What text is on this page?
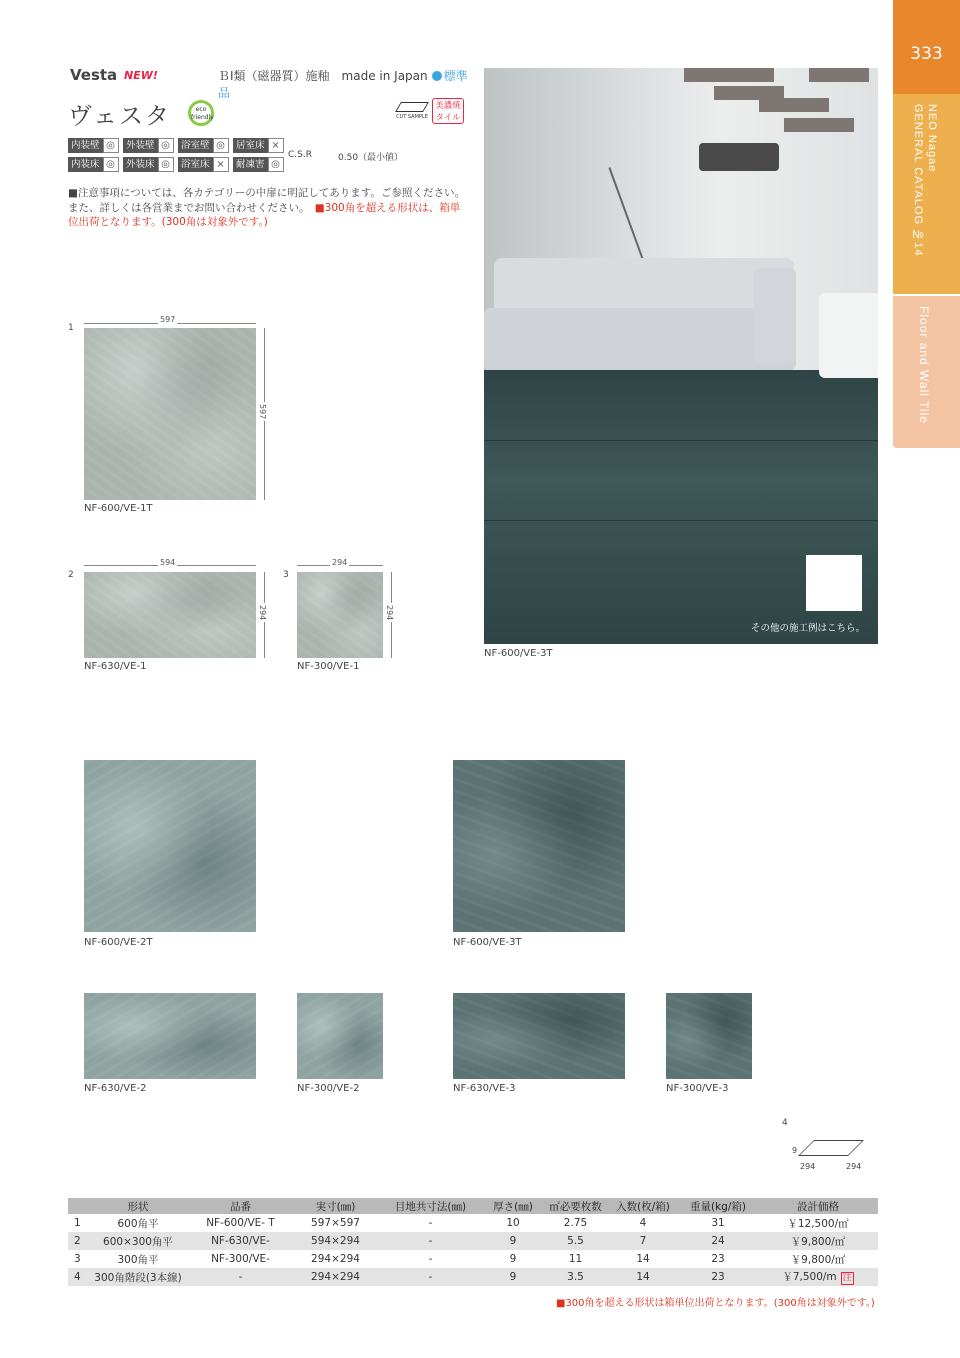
333
NEO Nagae
GENERAL CATALOG №14
Floor and Wall Tile
Vesta NEW!	ＢⅠ類（磁器質）施釉　made in Japan 標準品
ヴェスタ	eco friendly	CUT SAMPLE
美濃焼タイル
内装壁 ◎	外装壁 ◎	浴室壁 ◎	居室床 ×
内装床 ◎	外装床 ◎	浴室床 ×	耐凍害 ◎
C.S.R	0.50（最小値）
■注意事項については、各カテゴリーの中扉に明記してあります。ご参照ください。また、詳しくは各営業までお問い合わせください。　 ■300角を超える形状は、箱単位出荷となります。(300角は対象外です。)
1
597
597
NF-600/VE-1T
2
594
294
NF-630/VE-1
3
294
294
NF-300/VE-1
その他の施工例はこちら。
NF-600/VE-3T
NF-600/VE-2T	NF-600/VE-3T
NF-630/VE-2	NF-300/VE-2	NF-630/VE-3	NF-300/VE-3
4
9
294	294
	形状	品番	実寸(㎜)	目地共寸法(㎜)	厚さ(㎜)	㎡必要枚数	入数(枚/箱)	重量(kg/箱)	設計価格
1	600角平	NF-600/VE- T	597×597	-	10	2.75	4	31	￥12,500/㎡
2	600×300角平	NF-630/VE-	594×294	-	9	5.5	7	24	￥9,800/㎡
3	300角平	NF-300/VE-	294×294	-	9	11	14	23	￥9,800/㎡
4	300角階段(3本線)	-	294×294	-	9	3.5	14	23	￥7,500/m 注
■300角を超える形状は箱単位出荷となります。(300角は対象外です。)
